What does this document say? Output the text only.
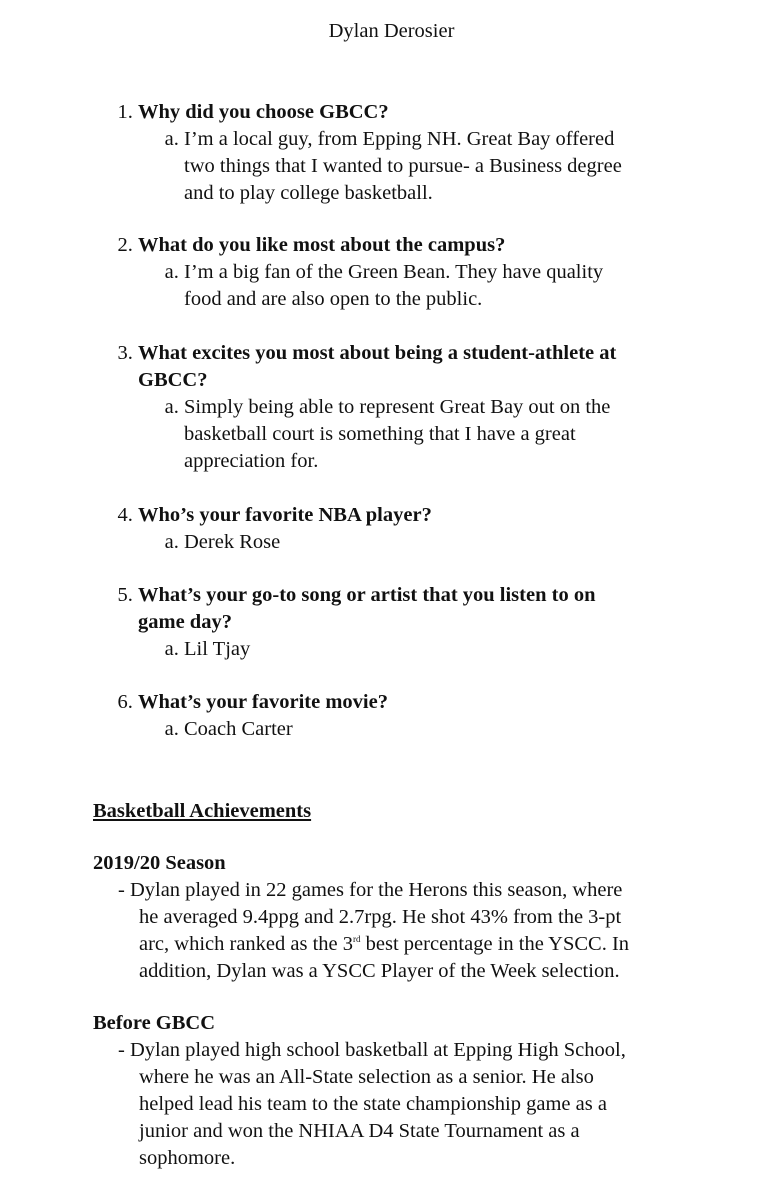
Dylan Derosier
1. Why did you choose GBCC?
a. I’m a local guy, from Epping NH. Great Bay offered
two things that I wanted to pursue- a Business degree
and to play college basketball.
2. What do you like most about the campus?
a. I’m a big fan of the Green Bean. They have quality
food and are also open to the public.
3. What excites you most about being a student-athlete at
GBCC?
a. Simply being able to represent Great Bay out on the
basketball court is something that I have a great
appreciation for.
4. Who’s your favorite NBA player?
a. Derek Rose
5. What’s your go-to song or artist that you listen to on
game day?
a. Lil Tjay
6. What’s your favorite movie?
a. Coach Carter
Basketball Achievements
2019/20 Season
- Dylan played in 22 games for the Herons this season, where
he averaged 9.4ppg and 2.7rpg. He shot 43% from the 3-pt
arc, which ranked as the 3rd best percentage in the YSCC. In
addition, Dylan was a YSCC Player of the Week selection.
Before GBCC
- Dylan played high school basketball at Epping High School,
where he was an All-State selection as a senior. He also
helped lead his team to the state championship game as a
junior and won the NHIAA D4 State Tournament as a
sophomore.
